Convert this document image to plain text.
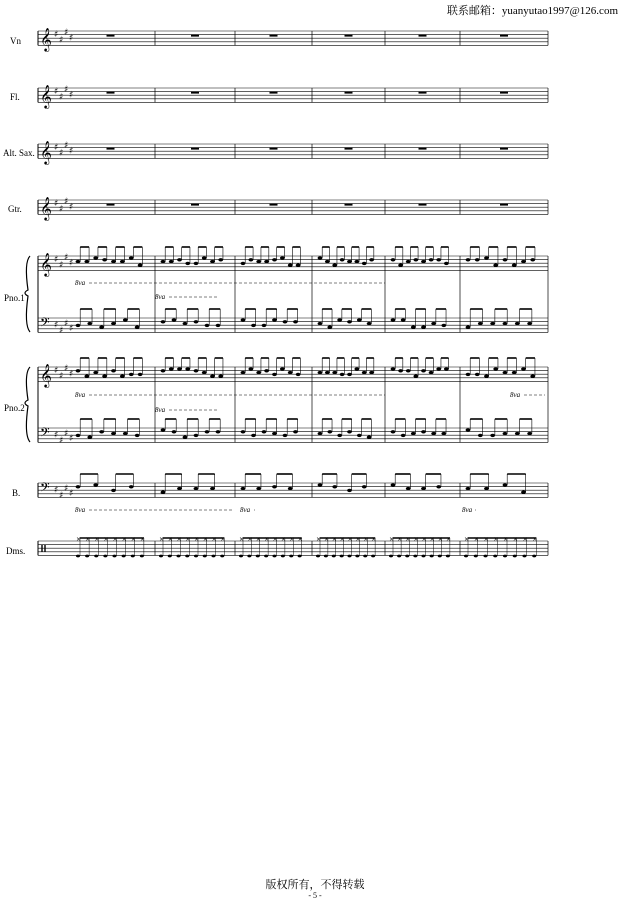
联系邮箱：yuanyutao1997@126.com
Vn
Fl.
Alt. Sax.
Gtr.
Pno.1
Pno.2
B.
Dms.
𝄞 ♯
♯
♯
♯
𝄞 ♯
♯
♯
♯
𝄞 ♯
♯
♯
♯
𝄞 ♯
♯
♯
♯
𝄞 ♯
♯
♯
♯
𝄢 ♯
♯
♯
♯
𝄞 ♯
♯
♯
♯
𝄢 ♯
♯
♯
♯
𝄢 ♯
♯
♯
♯
× × × × × × × × × × × × × × × × × × × × × × × × × × × × × × × × × × × × × × × × × × × × × × × ×
8va
8va
8va
8va
8va
8va	8va	8va
版权所有，不得转载
- 5 -
